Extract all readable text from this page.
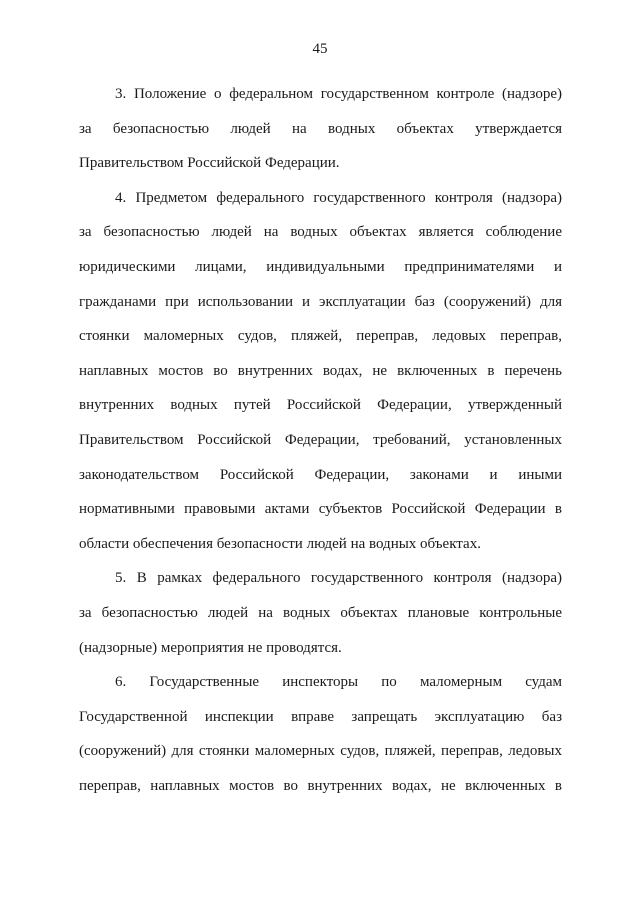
45
3. Положение о федеральном государственном контроле (надзоре)
за безопасностью людей на водных объектах утверждается
Правительством Российской Федерации.
4. Предметом федерального государственного контроля (надзора)
за безопасностью людей на водных объектах является соблюдение
юридическими лицами, индивидуальными предпринимателями и
гражданами при использовании и эксплуатации баз (сооружений) для
стоянки маломерных судов, пляжей, переправ, ледовых переправ,
наплавных мостов во внутренних водах, не включенных в перечень
внутренних водных путей Российской Федерации, утвержденный
Правительством Российской Федерации, требований, установленных
законодательством Российской Федерации, законами и иными
нормативными правовыми актами субъектов Российской Федерации в
области обеспечения безопасности людей на водных объектах.
5. В рамках федерального государственного контроля (надзора)
за безопасностью людей на водных объектах плановые контрольные
(надзорные) мероприятия не проводятся.
6. Государственные инспекторы по маломерным судам
Государственной инспекции вправе запрещать эксплуатацию баз
(сооружений) для стоянки маломерных судов, пляжей, переправ, ледовых
переправ, наплавных мостов во внутренних водах, не включенных в
